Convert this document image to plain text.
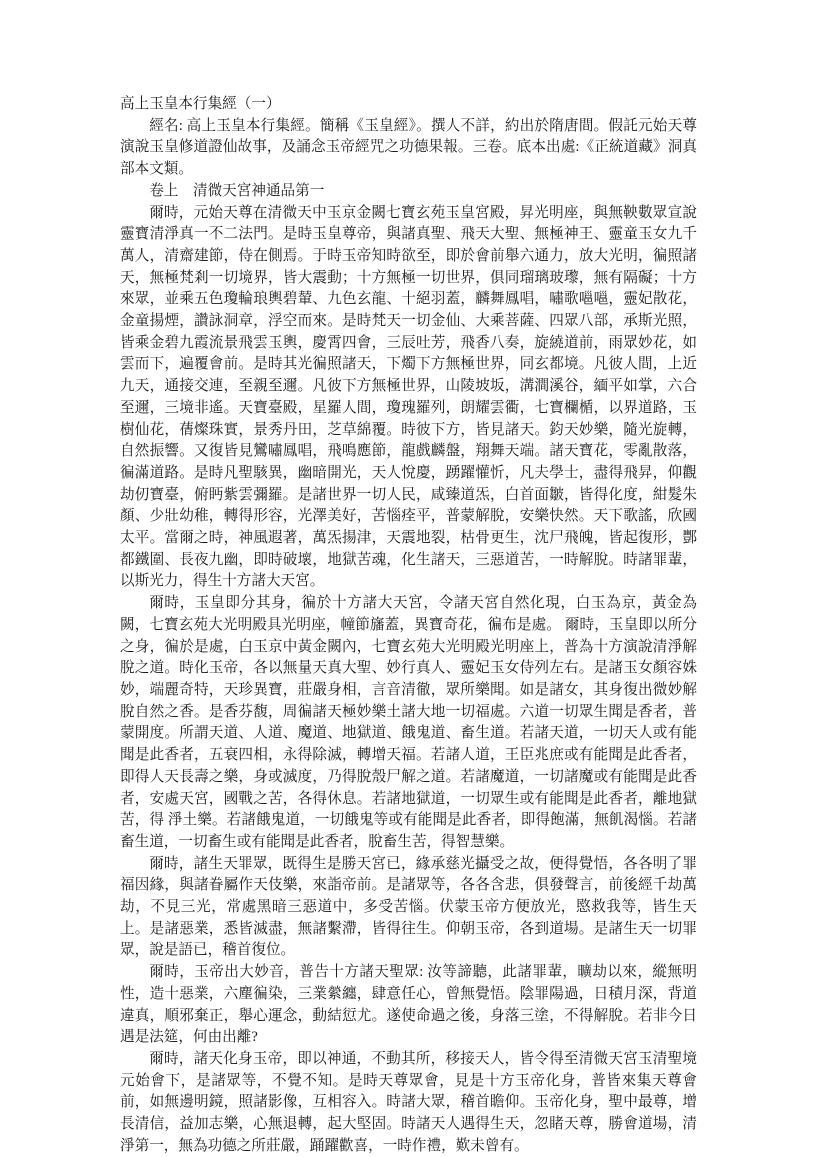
高上玉皇本行集經（一）

經名: 高上玉皇本行集經。簡稱《玉皇經》。撰人不詳，約出於隋唐間。假託元始天尊演說玉皇修道證仙故事，及誦念玉帝經咒之功德果報。三卷。底本出處:《正統道藏》洞真部本文類。

卷上　清微天宮神通品第一

爾時，元始天尊在清微天中玉京金闕七寶玄苑玉皇宮殿，昇光明座，與無鞅數眾宣說靈寶清淨真一不二法門。是時玉皇尊帝，與諸真聖、飛天大聖、無極神王、靈童玉女九千萬人，清齋建節，侍在側焉。于時玉帝知時欲至，即於會前舉六通力，放大光明，徧照諸天，無極梵剎一切境界，皆大震動；十方無極一切世界，俱同瑠璃玻瓈，無有隔礙；十方來眾，並乘五色瓊輪琅輿碧輦、九色玄龍、十絕羽蓋，麟舞鳳唱，嘯歌嗈嗈，靈妃散花，金童揚煙，讚詠洞章，浮空而來。是時梵天一切金仙、大乘菩薩、四眾八部，承斯光照，皆乘金碧九霞流景飛雲玉輿，慶霄四會，三辰吐芳，飛香八奏，旋繞道前，雨眾妙花，如雲而下，遍覆會前。是時其光徧照諸天，下燭下方無極世界，同玄都境。凡彼人間，上近九天，通接交連，至親至邇。凡彼下方無極世界，山陵坡坂，溝澗溪谷，緬平如掌，六合至邇，三境非遙。天寶臺殿，星羅人間，瓊瑰羅列，朗耀雲衢，七寶欄楯，以界道路，玉樹仙花，蒨燦珠實，景秀丹田，芝草綿覆。時彼下方，皆見諸天。鈞天妙樂，隨光旋轉，自然振響。又復皆見鸞嘯鳳唱，飛鳴應節，龍戲麟盤，翔舞天端。諸天寶花，零亂散落，徧滿道路。是時凡聖駭異，幽暗開光，天人悅慶，踴躍懽忻，凡夫學士，盡得飛昇，仰觀劫仞寶臺，俯眄紫雲彌羅。是諸世界一切人民，咸臻道炁，白首面皺，皆得化度，紺髮朱顏、少壯幼稚，轉得形容，光澤美好，苦惱痊平，普蒙解脫，安樂快然。天下歌謠，欣國太平。當爾之時，神風遐著，萬炁揚津，天震地裂，枯骨更生，沈尸飛魄，皆起復形，酆都鐵圍、長夜九幽，即時破壞，地獄苦魂，化生諸天，三惡道苦，一時解脫。時諸罪輩，以斯光力，得生十方諸大天宮。

爾時，玉皇即分其身，徧於十方諸大天宮，令諸天宮自然化現，白玉為京，黃金為闕，七寶玄苑大光明殿具光明座，幢節旛蓋，異寶奇花，徧布是處。 爾時，玉皇即以所分之身，徧於是處，白玉京中黃金闕內，七寶玄苑大光明殿光明座上，普為十方演說清淨解脫之道。時化玉帝，各以無量天真大聖、妙行真人、靈妃玉女侍列左右。是諸玉女顏容姝妙，端麗奇特，天珍異寶，莊嚴身相，言音清徹，眾所樂聞。如是諸女，其身復出微妙解脫自然之香。是香芬馥，周徧諸天極妙樂土諸大地一切福處。六道一切眾生聞是香者，普蒙開度。所謂天道、人道、魔道、地獄道、餓鬼道、畜生道。若諸天道，一切天人或有能聞是此香者，五衰四相，永得除滅，轉增天福。若諸人道，王臣兆庶或有能聞是此香者，即得人天長壽之樂，身或滅度，乃得脫殼尸解之道。若諸魔道，一切諸魔或有能聞是此香者，安處天宮，國戰之苦，各得休息。若諸地獄道，一切眾生或有能聞是此香者，離地獄苦，得 淨土樂。若諸餓鬼道，一切餓鬼等或有能聞是此香者，即得飽滿，無飢渴惱。若諸畜生道，一切畜生或有能聞是此香者，脫畜生苦，得智慧樂。

爾時，諸生天罪眾，既得生是勝天宮已，緣承慈光攝受之故，便得覺悟，各各明了罪福因緣，與諸眷屬作天伎樂，來詣帝前。是諸眾等，各各含悲，俱發聲言，前後經千劫萬劫，不見三光，常處黑暗三惡道中，多受苦惱。伏蒙玉帝方便放光，愍救我等，皆生天上。是諸惡業，悉皆滅盡，無諸繫滯，皆得往生。仰朝玉帝，各到道場。是諸生天一切罪眾，說是語已，稽首復位。

爾時，玉帝出大妙音，普告十方諸天聖眾: 汝等諦聽，此諸罪輩，曠劫以來，縱無明性，造十惡業，六塵徧染，三業縈纏，肆意任心，曾無覺悟。陰罪陽過，日積月深，背道違真，順邪棄正，舉心運念，動結愆尤。遂使命過之後，身落三塗，不得解脫。若非今日遇是法筵，何由出離?

爾時，諸天化身玉帝，即以神通，不動其所，移接天人，皆令得至清微天宮玉清聖境元始會下，是諸眾等，不覺不知。是時天尊眾會，見是十方玉帝化身，普皆來集天尊會前，如無邊明鏡，照諸影像，互相容入。時諸大眾，稽首瞻仰。玉帝化身，聖中最尊，增長清信，益加志樂，心無退轉，起大堅固。時諸天人遇得生天，忽睹天尊，勝會道場，清 淨第一，無為功德之所莊嚴，踊躍歡喜，一時作禮，歎未曾有。
